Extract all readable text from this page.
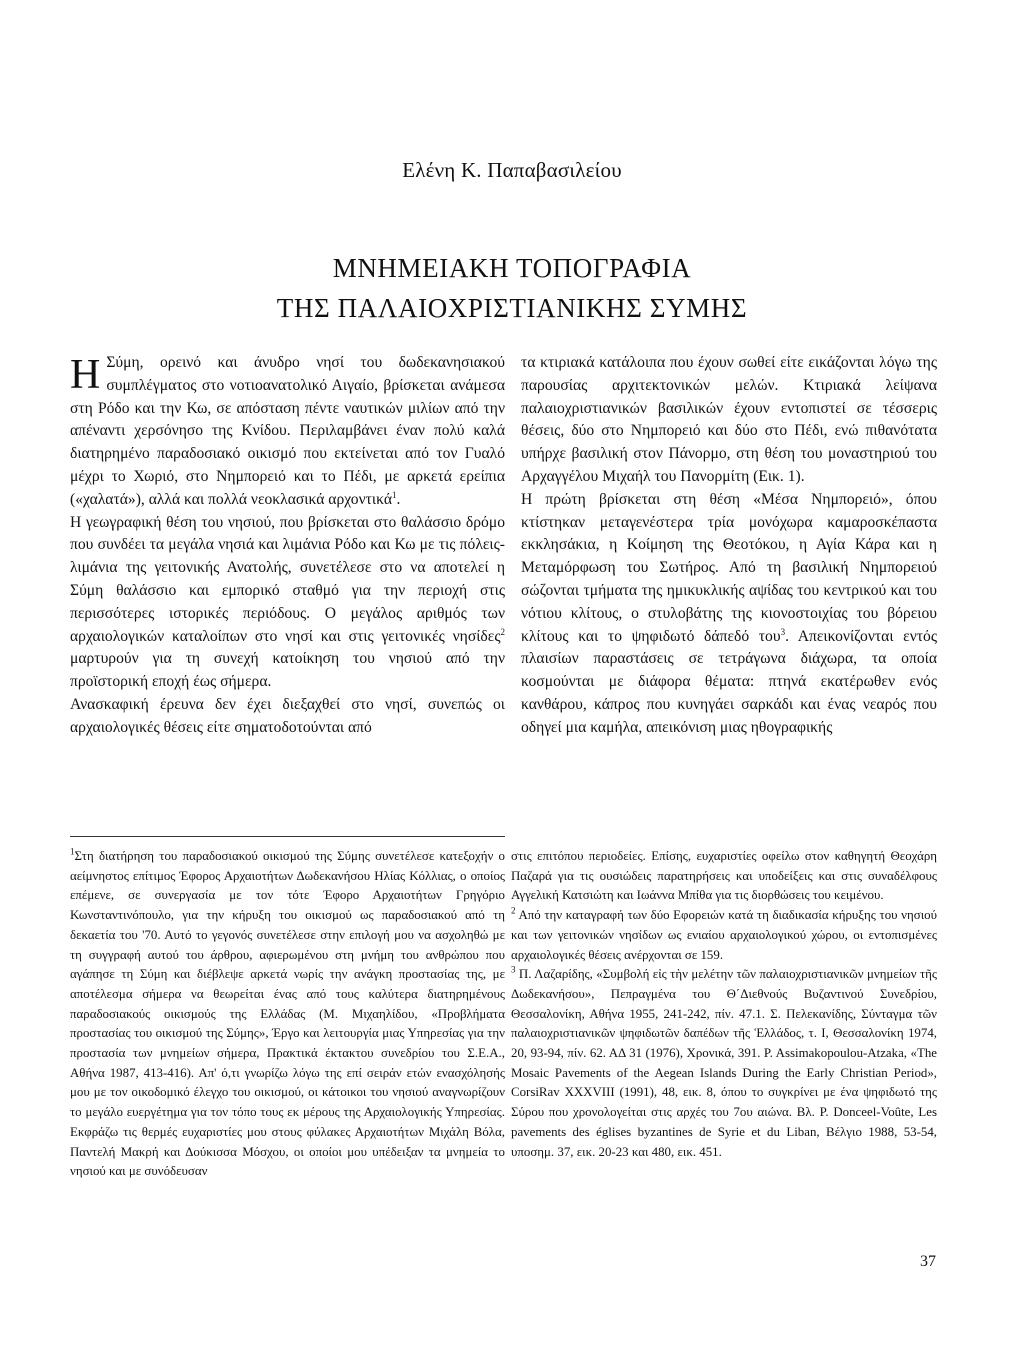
Ελένη Κ. Παπαβασιλείου
ΜΝΗΜΕΙΑΚΗ ΤΟΠΟΓΡΑΦΙΑ
ΤΗΣ ΠΑΛΑΙΟΧΡΙΣΤΙΑΝΙΚΗΣ ΣΥΜΗΣ

Η Σύμη, ορεινό και άνυδρο νησί του δωδεκανησιακού συμπλέγματος στο νοτιοανατολικό Αιγαίο, βρίσκεται ανάμεσα στη Ρόδο και την Κω, σε απόσταση πέντε ναυτικών μιλίων από την απέναντι χερσόνησο της Κνίδου. Περιλαμβάνει έναν πολύ καλά διατηρημένο παραδοσιακό οικισμό που εκτείνεται από τον Γυαλό μέχρι το Χωριό, στο Νημπορειό και το Πέδι, με αρκετά ερείπια («χαλατά»), αλλά και πολλά νεοκλασικά αρχοντικά$^1$.

Η γεωγραφική θέση του νησιού, που βρίσκεται στο θαλάσσιο δρόμο που συνδέει τα μεγάλα νησιά και λιμάνια Ρόδο και Κω με τις πόλεις-λιμάνια της γειτονικής Ανατολής, συνετέλεσε στο να αποτελεί η Σύμη θαλάσσιο και εμπορικό σταθμό για την περιοχή στις περισσότερες ιστορικές περιόδους. Ο μεγάλος αριθμός των αρχαιολογικών καταλοίπων στο νησί και στις γειτονικές νησίδες$^2$ μαρτυρούν για τη συνεχή κατοίκηση του νησιού από την προϊστορική εποχή έως σήμερα.

Ανασκαφική έρευνα δεν έχει διεξαχθεί στο νησί, συνεπώς οι αρχαιολογικές θέσεις είτε σηματοδοτούνται από

τα κτιριακά κατάλοιπα που έχουν σωθεί είτε εικάζονται λόγω της παρουσίας αρχιτεκτονικών μελών. Κτιριακά λείψανα παλαιοχριστιανικών βασιλικών έχουν εντοπιστεί σε τέσσερις θέσεις, δύο στο Νημπορειό και δύο στο Πέδι, ενώ πιθανότατα υπήρχε βασιλική στον Πάνορμο, στη θέση του μοναστηριού του Αρχαγγέλου Μιχαήλ του Πανορμίτη (Εικ. 1).

Η πρώτη βρίσκεται στη θέση «Μέσα Νημπορειό», όπου κτίστηκαν μεταγενέστερα τρία μονόχωρα καμαροσκέπαστα εκκλησάκια, η Κοίμηση της Θεοτόκου, η Αγία Κάρα και η Μεταμόρφωση του Σωτήρος. Από τη βασιλική Νημπορειού σώζονται τμήματα της ημικυκλικής αψίδας του κεντρικού και του νότιου κλίτους, ο στυλοβάτης της κιονοστοιχίας του βόρειου κλίτους και το ψηφιδωτό δάπεδό του$^3$. Απεικονίζονται εντός πλαισίων παραστάσεις σε τετράγωνα διάχωρα, τα οποία κοσμούνται με διάφορα θέματα: πτηνά εκατέρωθεν ενός κανθάρου, κάπρος που κυνηγάει σαρκάδι και ένας νεαρός που οδηγεί μια καμήλα, απεικόνιση μιας ηθογραφικής

$^1$Στη διατήρηση του παραδοσιακού οικισμού της Σύμης συνετέλεσε κατεξοχήν ο αείμνηστος επίτιμος Έφορος Αρχαιοτήτων Δωδεκανήσου Ηλίας Κόλλιας, ο οποίος επέμενε, σε συνεργασία με τον τότε Έφορο Αρχαιοτήτων Γρηγόριο Κωνσταντινόπουλο, για την κήρυξη του οικισμού ως παραδοσιακού από τη δεκαετία του '70. Αυτό το γεγονός συνετέλεσε στην επιλογή μου να ασχοληθώ με τη συγγραφή αυτού του άρθρου, αφιερωμένου στη μνήμη του ανθρώπου που αγάπησε τη Σύμη και διέβλεψε αρκετά νωρίς την ανάγκη προστασίας της, με αποτέλεσμα σήμερα να θεωρείται ένας από τους καλύτερα διατηρημένους παραδοσιακούς οικισμούς της Ελλάδας (Μ. Μιχαηλίδου, «Προβλήματα προστασίας του οικισμού της Σύμης», Έργο και λειτουργία μιας Υπηρεσίας για την προστασία των μνημείων σήμερα, Πρακτικά έκτακτου συνεδρίου του Σ.Ε.Α., Αθήνα 1987, 413-416). Απ' ό,τι γνωρίζω λόγω της επί σειράν ετών ενασχόλησής μου με τον οικοδομικό έλεγχο του οικισμού, οι κάτοικοι του νησιού αναγνωρίζουν το μεγάλο ευεργέτημα για τον τόπο τους εκ μέρους της Αρχαιολογικής Υπηρεσίας. Εκφράζω τις θερμές ευχαριστίες μου στους φύλακες Αρχαιοτήτων Μιχάλη Βόλα, Παντελή Μακρή και Δούκισσα Μόσχου, οι οποίοι μου υπέδειξαν τα μνημεία το νησιού και με συνόδευσαν

στις επιτόπου περιοδείες. Επίσης, ευχαριστίες οφείλω στον καθηγητή Θεοχάρη Παζαρά για τις ουσιώδεις παρατηρήσεις και υποδείξεις και στις συναδέλφους Αγγελική Κατσιώτη και Ιωάννα Μπίθα για τις διορθώσεις του κειμένου.

$^2$ Από την καταγραφή των δύο Εφορειών κατά τη διαδικασία κήρυξης του νησιού και των γειτονικών νησίδων ως ενιαίου αρχαιολογικού χώρου, οι εντοπισμένες αρχαιολογικές θέσεις ανέρχονται σε 159.

$^3$ Π. Λαζαρίδης, «Συμβολή εἰς τὴν μελέτην τῶν παλαιοχριστιανικῶν μνημείων τῆς Δωδεκανήσου», Πεπραγμένα του Θ΄Διεθνούς Βυζαντινού Συνεδρίου, Θεσσαλονίκη, Αθήνα 1955, 241-242, πίν. 47.1. Σ. Πελεκανίδης, Σύνταγμα τῶν παλαιοχριστιανικῶν ψηφιδωτῶν δαπέδων τῆς Ἑλλάδος, τ. Ι, Θεσσαλονίκη 1974, 20, 93-94, πίν. 62. ΑΔ 31 (1976), Χρονικά, 391. P. Assimakopoulou-Atzaka, «The Mosaic Pavements of the Aegean Islands During the Early Christian Period», CorsiRav XXXVIII (1991), 48, εικ. 8, όπου το συγκρίνει με ένα ψηφιδωτό της Σύρου που χρονολογείται στις αρχές του 7ου αιώνα. Βλ. P. Donceel-Voûte, Les pavements des églises byzantines de Syrie et du Liban, Βέλγιο 1988, 53-54, υποσημ. 37, εικ. 20-23 και 480, εικ. 451.

37
